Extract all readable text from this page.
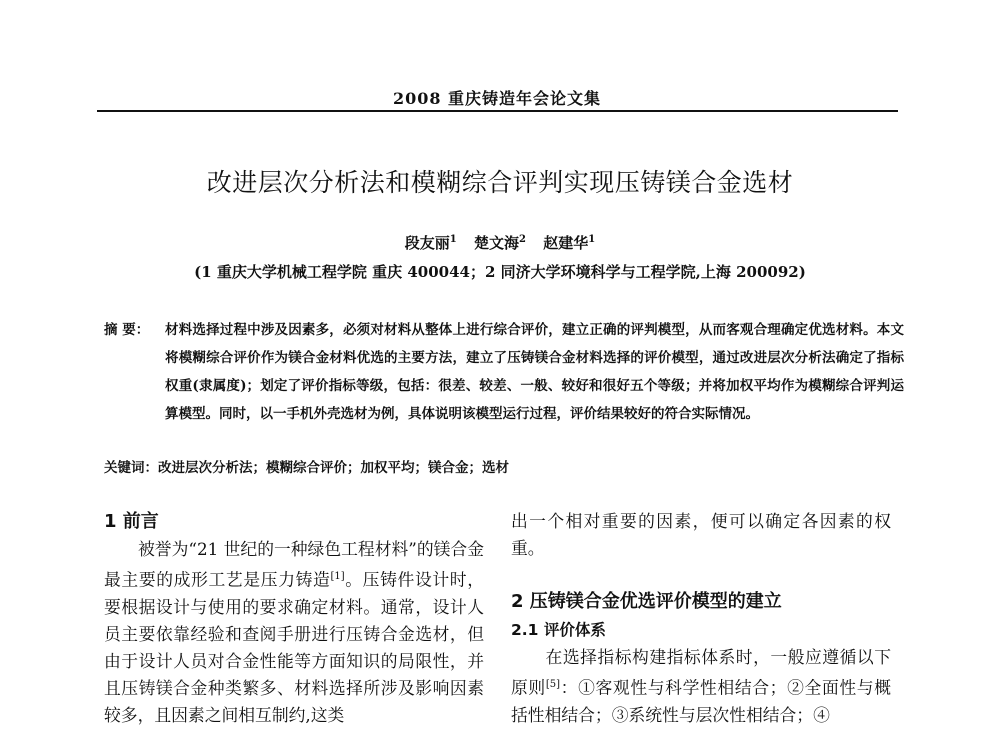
2008 重庆铸造年会论文集
改进层次分析法和模糊综合评判实现压铸镁合金选材
段友丽$^1$ 楚文海$^2$ 赵建华$^1$
(1 重庆大学机械工程学院 重庆 400044；2 同济大学环境科学与工程学院,上海 200092)
摘 要： 材料选择过程中涉及因素多，必须对材料从整体上进行综合评价，建立正确的评判模型，从而客观合理确定优选材料。本文将模糊综合评价作为镁合金材料优选的主要方法，建立了压铸镁合金材料选择的评价模型，通过改进层次分析法确定了指标权重(隶属度)；划定了评价指标等级，包括：很差、较差、一般、较好和很好五个等级；并将加权平均作为模糊综合评判运算模型。同时，以一手机外壳选材为例，具体说明该模型运行过程，评价结果较好的符合实际情况。
关键词：改进层次分析法；模糊综合评价；加权平均；镁合金；选材
1 前言
被誉为“21 世纪的一种绿色工程材料”的镁合金最主要的成形工艺是压力铸造[1]。压铸件设计时，要根据设计与使用的要求确定材料。通常，设计人员主要依靠经验和查阅手册进行压铸合金选材，但由于设计人员对合金性能等方面知识的局限性，并且压铸镁合金种类繁多、材料选择所涉及影响因素较多，且因素之间相互制约,这类
出一个相对重要的因素，便可以确定各因素的权重。
2 压铸镁合金优选评价模型的建立
2.1 评价体系
在选择指标构建指标体系时，一般应遵循以下原则[5]：①客观性与科学性相结合；②全面性与概括性相结合；③系统性与层次性相结合；④
